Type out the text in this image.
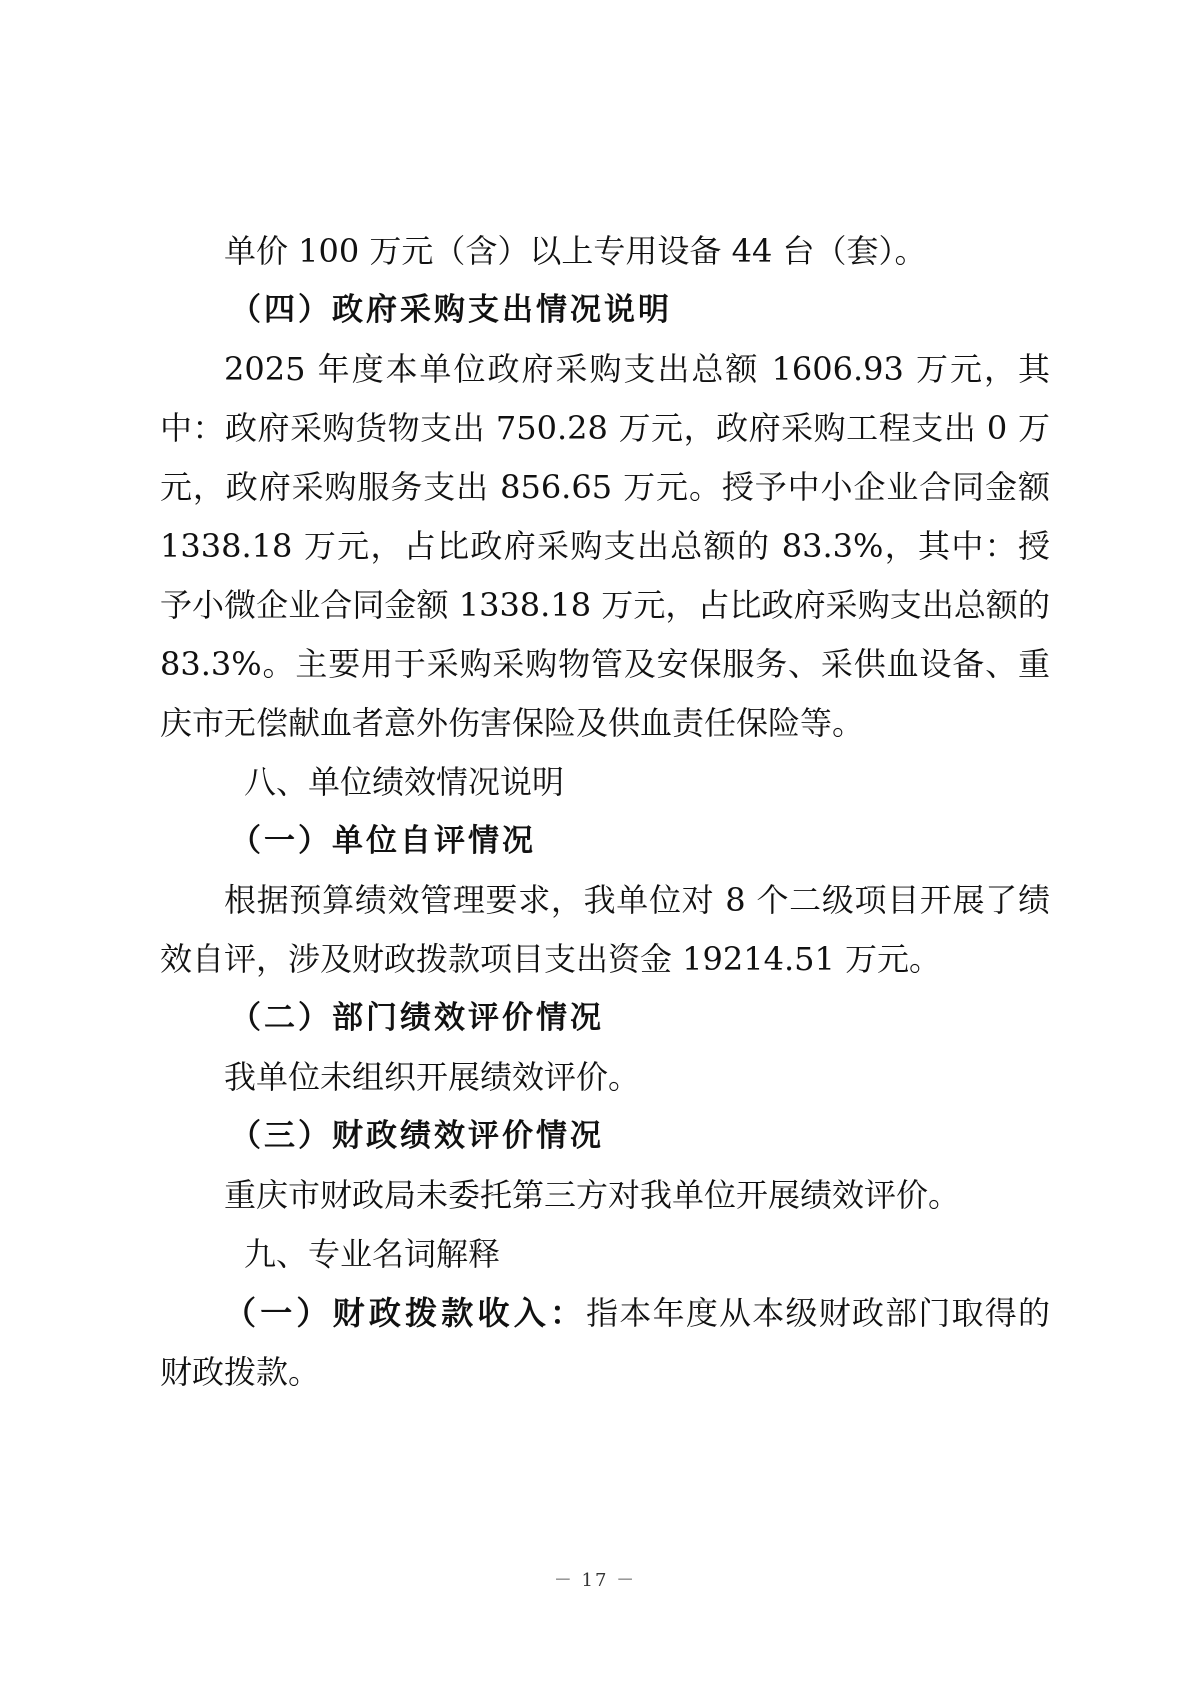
单价 100 万元（含）以上专用设备 44 台（套）。

（四）政府采购支出情况说明

2025 年度本单位政府采购支出总额 1606.93 万元，其中：政府采购货物支出 750.28 万元，政府采购工程支出 0 万元，政府采购服务支出 856.65 万元。授予中小企业合同金额 1338.18 万元，占比政府采购支出总额的 83.3%，其中：授予小微企业合同金额 1338.18 万元，占比政府采购支出总额的 83.3%。主要用于采购采购物管及安保服务、采供血设备、重庆市无偿献血者意外伤害保险及供血责任保险等。

八、单位绩效情况说明

（一）单位自评情况

根据预算绩效管理要求，我单位对 8 个二级项目开展了绩效自评，涉及财政拨款项目支出资金 19214.51 万元。

（二）部门绩效评价情况

我单位未组织开展绩效评价。

（三）财政绩效评价情况

重庆市财政局未委托第三方对我单位开展绩效评价。

九、专业名词解释

（一）财政拨款收入：指本年度从本级财政部门取得的财政拨款。

－ 17 －
